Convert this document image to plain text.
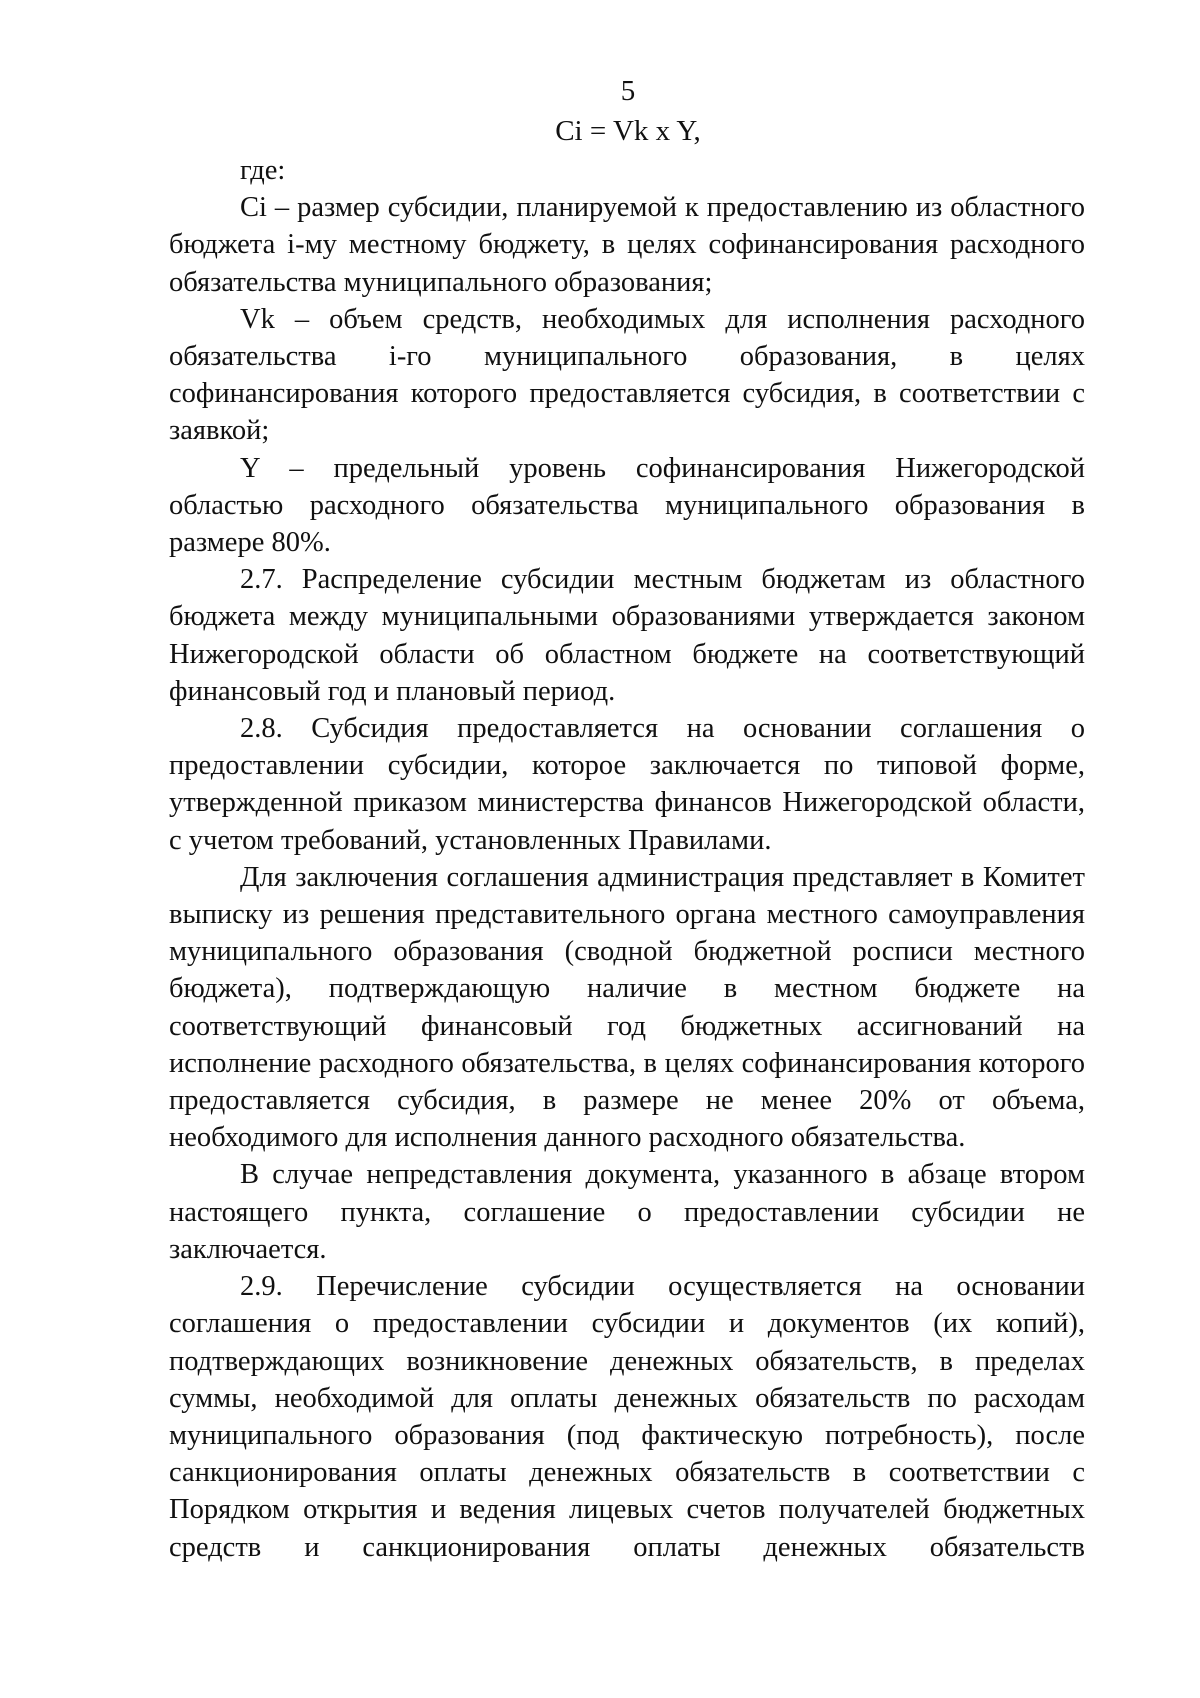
5
Ci = Vk x Y,

где:

Ci – размер субсидии, планируемой к предоставлению из областного бюджета i-му местному бюджету, в целях софинансирования расходного обязательства муниципального образования;

Vk – объем средств, необходимых для исполнения расходного обязательства i-го муниципального образования, в целях софинансирования которого предоставляется субсидия, в соответствии с заявкой;

Y – предельный уровень софинансирования Нижегородской областью расходного обязательства муниципального образования в размере 80%.

2.7. Распределение субсидии местным бюджетам из областного бюджета между муниципальными образованиями утверждается законом Нижегородской области об областном бюджете на соответствующий финансовый год и плановый период.

2.8. Субсидия предоставляется на основании соглашения о предоставлении субсидии, которое заключается по типовой форме, утвержденной приказом министерства финансов Нижегородской области, с учетом требований, установленных Правилами.

Для заключения соглашения администрация представляет в Комитет выписку из решения представительного органа местного самоуправления муниципального образования (сводной бюджетной росписи местного бюджета), подтверждающую наличие в местном бюджете на соответствующий финансовый год бюджетных ассигнований на исполнение расходного обязательства, в целях софинансирования которого предоставляется субсидия, в размере не менее 20% от объема, необходимого для исполнения данного расходного обязательства.

В случае непредставления документа, указанного в абзаце втором настоящего пункта, соглашение о предоставлении субсидии не заключается.

2.9. Перечисление субсидии осуществляется на основании соглашения о предоставлении субсидии и документов (их копий), подтверждающих возникновение денежных обязательств, в пределах суммы, необходимой для оплаты денежных обязательств по расходам муниципального образования (под фактическую потребность), после санкционирования оплаты денежных обязательств в соответствии с Порядком открытия и ведения лицевых счетов получателей бюджетных средств и санкционирования оплаты денежных обязательств
